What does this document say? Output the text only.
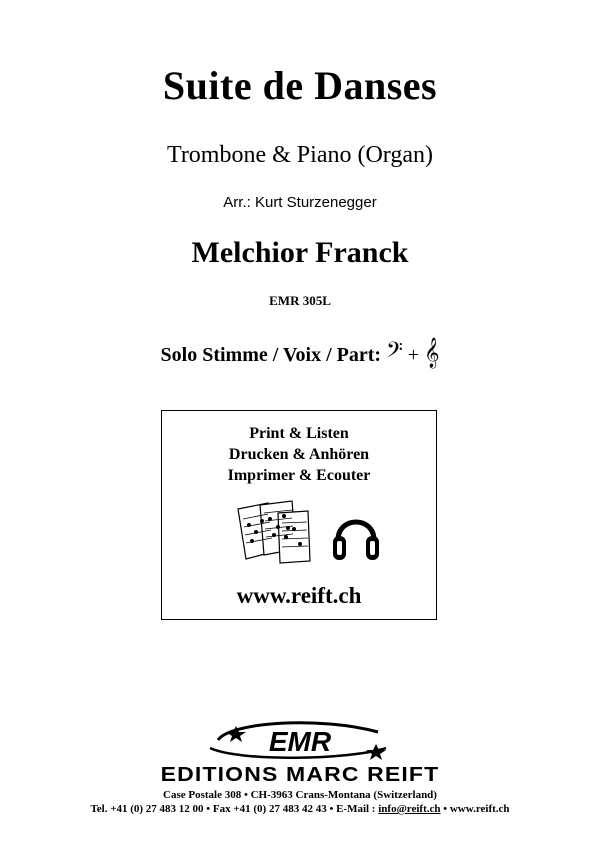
Suite de Danses
Trombone & Piano (Organ)
Arr.: Kurt Sturzenegger
Melchior Franck
EMR 305L
Solo Stimme / Voix / Part: 𝄢 + 𝄞
Print & Listen
Drucken & Anhören
Imprimer & Ecouter
www.reift.ch
EMR
EDITIONS MARC REIFT
Case Postale 308 • CH-3963 Crans-Montana (Switzerland)
Tel. +41 (0) 27 483 12 00 • Fax +41 (0) 27 483 42 43 • E-Mail : info@reift.ch • www.reift.ch
